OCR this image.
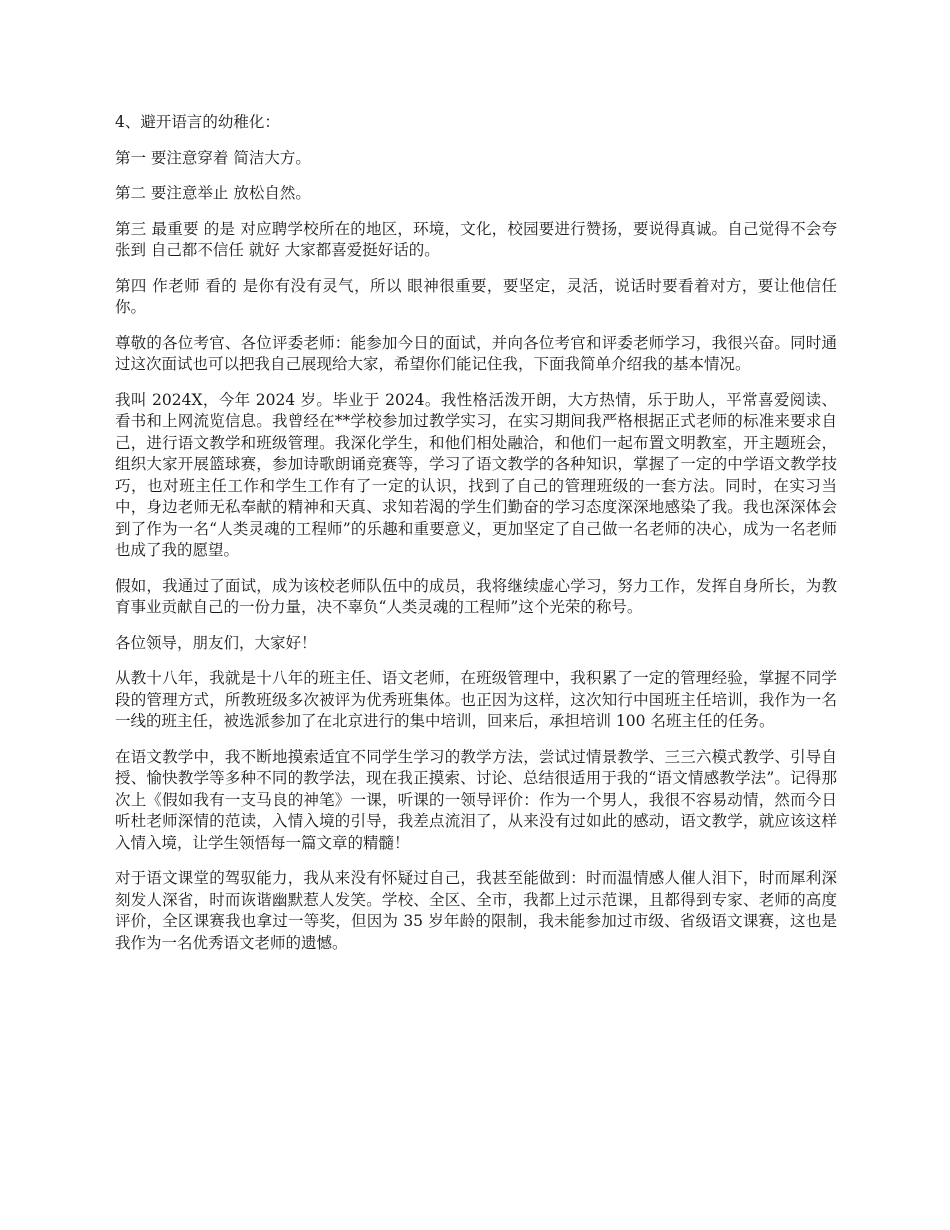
4、避开语言的幼稚化：

第一 要注意穿着 简洁大方。

第二 要注意举止 放松自然。

第三 最重要 的是 对应聘学校所在的地区，环境，文化，校园要进行赞扬，要说得真诚。自己觉得不会夸张到 自己都不信任 就好 大家都喜爱挺好话的。

第四 作老师 看的 是你有没有灵气，所以 眼神很重要，要坚定，灵活，说话时要看着对方，要让他信任你。

尊敬的各位考官、各位评委老师：能参加今日的面试，并向各位考官和评委老师学习，我很兴奋。同时通过这次面试也可以把我自己展现给大家，希望你们能记住我，下面我简单介绍我的基本情况。

我叫 2024X，今年 2024 岁。毕业于 2024。我性格活泼开朗，大方热情，乐于助人，平常喜爱阅读、看书和上网流览信息。我曾经在**学校参加过教学实习，在实习期间我严格根据正式老师的标准来要求自己，进行语文教学和班级管理。我深化学生，和他们相处融洽，和他们一起布置文明教室，开主题班会，组织大家开展篮球赛，参加诗歌朗诵竞赛等，学习了语文教学的各种知识，掌握了一定的中学语文教学技巧，也对班主任工作和学生工作有了一定的认识，找到了自己的管理班级的一套方法。同时，在实习当中，身边老师无私奉献的精神和天真、求知若渴的学生们勤奋的学习态度深深地感染了我。我也深深体会到了作为一名“人类灵魂的工程师”的乐趣和重要意义，更加坚定了自己做一名老师的决心，成为一名老师也成了我的愿望。

假如，我通过了面试，成为该校老师队伍中的成员，我将继续虚心学习，努力工作，发挥自身所长，为教育事业贡献自己的一份力量，决不辜负“人类灵魂的工程师”这个光荣的称号。

各位领导，朋友们，大家好！

从教十八年，我就是十八年的班主任、语文老师，在班级管理中，我积累了一定的管理经验，掌握不同学段的管理方式，所教班级多次被评为优秀班集体。也正因为这样，这次知行中国班主任培训，我作为一名一线的班主任，被选派参加了在北京进行的集中培训，回来后，承担培训 100 名班主任的任务。

在语文教学中，我不断地摸索适宜不同学生学习的教学方法，尝试过情景教学、三三六模式教学、引导自授、愉快教学等多种不同的教学法，现在我正摸索、讨论、总结很适用于我的“语文情感教学法”。记得那次上《假如我有一支马良的神笔》一课，听课的一领导评价：作为一个男人，我很不容易动情，然而今日听杜老师深情的范读，入情入境的引导，我差点流泪了，从来没有过如此的感动，语文教学，就应该这样入情入境，让学生领悟每一篇文章的精髓！

对于语文课堂的驾驭能力，我从来没有怀疑过自己，我甚至能做到：时而温情感人催人泪下，时而犀利深刻发人深省，时而诙谐幽默惹人发笑。学校、全区、全市，我都上过示范课，且都得到专家、老师的高度评价，全区课赛我也拿过一等奖，但因为 35 岁年龄的限制，我未能参加过市级、省级语文课赛，这也是我作为一名优秀语文老师的遗憾。
